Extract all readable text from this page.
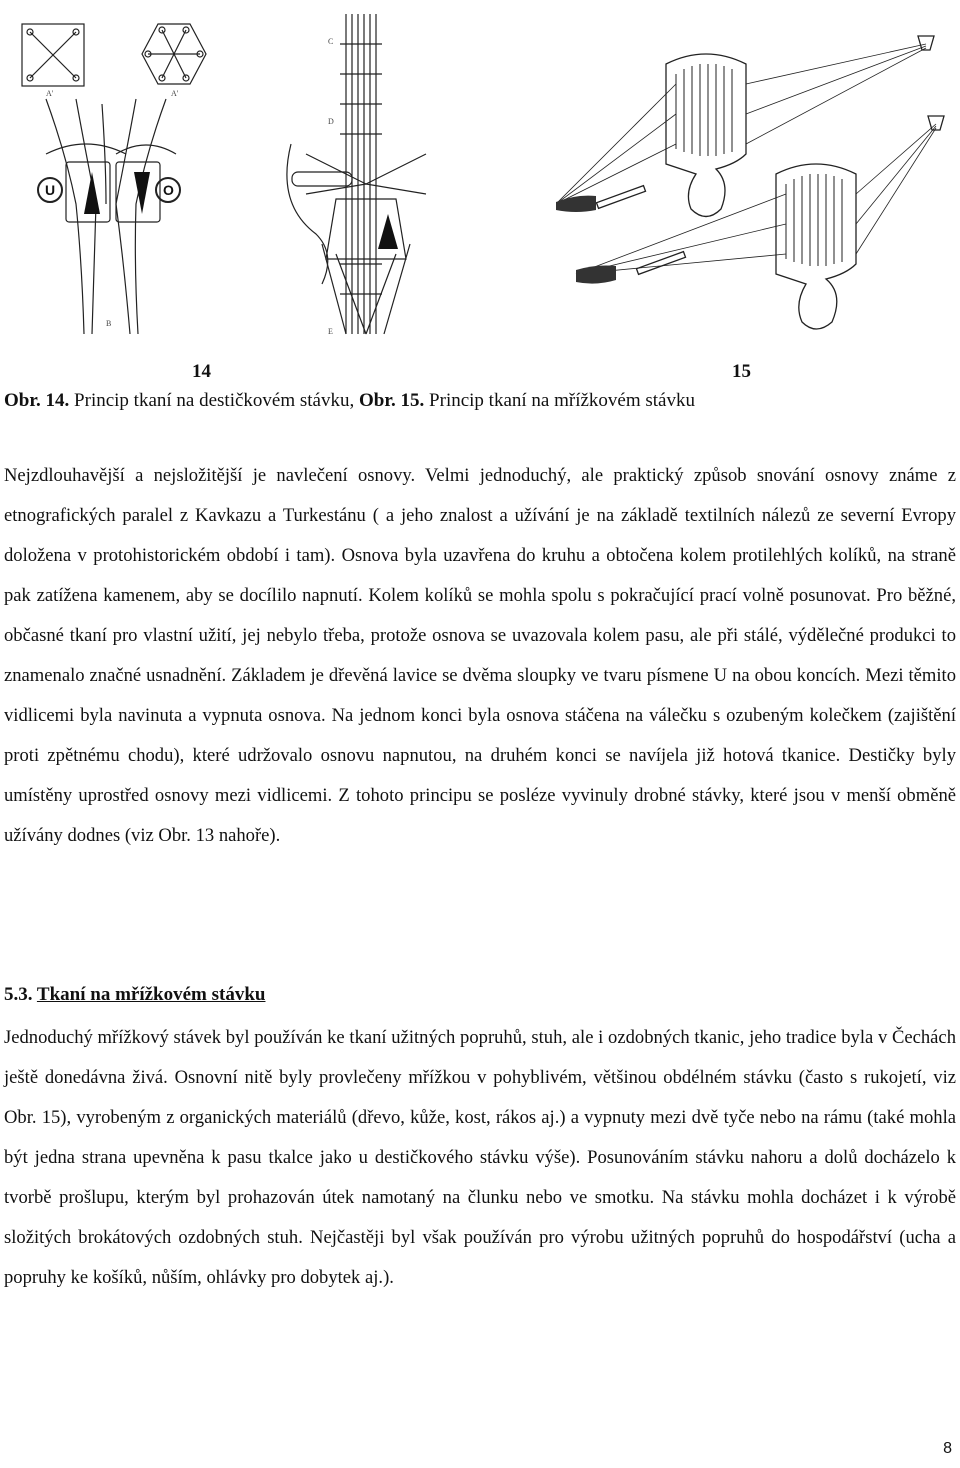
A'	A'
B
C
D
E
U	O
14	15
Obr. 14. Princip tkaní na destičkovém stávku, Obr. 15. Princip tkaní na mřížkovém stávku

Nejzdlouhavější a nejsložitější je navlečení osnovy. Velmi jednoduchý, ale praktický způsob snování osnovy známe z etnografických paralel z Kavkazu a Turkestánu ( a jeho znalost a užívání je na základě textilních nálezů ze severní Evropy doložena v protohistorickém období i tam). Osnova byla uzavřena do kruhu a obtočena kolem protilehlých kolíků, na straně pak zatížena kamenem, aby se docílilo napnutí. Kolem kolíků se mohla spolu s pokračující prací volně posunovat. Pro běžné, občasné tkaní pro vlastní užití, jej nebylo třeba, protože osnova se uvazovala kolem pasu, ale při stálé, výdělečné produkci to znamenalo značné usnadnění. Základem je dřevěná lavice se dvěma sloupky ve tvaru písmene U na obou koncích. Mezi těmito vidlicemi byla navinuta a vypnuta osnova. Na jednom konci byla osnova stáčena na válečku s ozubeným kolečkem (zajištění proti zpětnému chodu), které udržovalo osnovu napnutou, na druhém konci se navíjela již hotová tkanice. Destičky byly umístěny uprostřed osnovy mezi vidlicemi. Z tohoto principu se posléze vyvinuly drobné stávky, které jsou v menší obměně užívány dodnes (viz Obr. 13 nahoře).

5.3. Tkaní na mřížkovém stávku

Jednoduchý mřížkový stávek byl používán ke tkaní užitných popruhů, stuh, ale i ozdobných tkanic, jeho tradice byla v Čechách ještě donedávna živá. Osnovní nitě byly provlečeny mřížkou v pohyblivém, většinou obdélném stávku (často s rukojetí, viz Obr. 15), vyrobeným z organických materiálů (dřevo, kůže, kost, rákos aj.) a vypnuty mezi dvě tyče nebo na rámu (také mohla být jedna strana upevněna k pasu tkalce jako u destičkového stávku výše). Posunováním stávku nahoru a dolů docházelo k tvorbě prošlupu, kterým byl prohazován útek namotaný na člunku nebo ve smotku. Na stávku mohla docházet i k výrobě složitých brokátových ozdobných stuh. Nejčastěji byl však používán pro výrobu užitných popruhů do hospodářství (ucha a popruhy ke košíků, nůším, ohlávky pro dobytek aj.).

8
